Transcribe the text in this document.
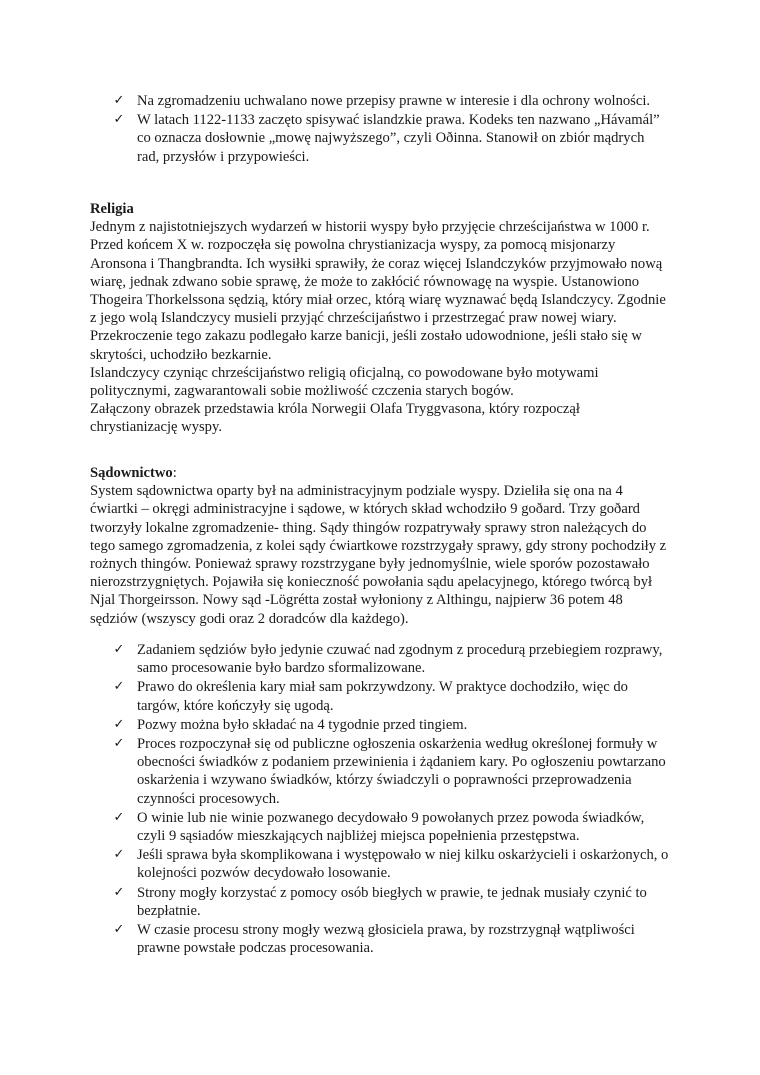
✓ Na zgromadzeniu uchwalano nowe przepisy prawne w interesie i dla ochrony wolności.
✓ W latach 1122-1133 zaczęto spisywać islandzkie prawa. Kodeks ten nazwano „Hávamál” co oznacza dosłownie „mowę najwyższego”, czyli Oðinna. Stanowił on zbiór mądrych rad, przysłów i przypowieści.
Religia

Jednym z najistotniejszych wydarzeń w historii wyspy było przyjęcie chrześcijaństwa w 1000 r. Przed końcem X w. rozpoczęła się powolna chrystianizacja wyspy, za pomocą misjonarzy Aronsona i Thangbrandta. Ich wysiłki sprawiły, że coraz więcej Islandczyków przyjmowało nową wiarę, jednak zdwano sobie sprawę, że może to zakłócić równowagę na wyspie. Ustanowiono Thogeira Thorkelssona sędzią, który miał orzec, którą wiarę wyznawać będą Islandczycy. Zgodnie z jego wolą Islandczycy musieli przyjąć chrześcijaństwo i przestrzegać praw nowej wiary. Przekroczenie tego zakazu podlegało karze banicji, jeśli zostało udowodnione, jeśli stało się w skrytości, uchodziło bezkarnie.

Islandczycy czyniąc chrześcijaństwo religią oficjalną, co powodowane było motywami politycznymi, zagwarantowali sobie możliwość czczenia starych bogów.

Załączony obrazek przedstawia króla Norwegii Olafa Tryggvasona, który rozpoczął chrystianizację wyspy.

Sądownictwo:

System sądownictwa oparty był na administracyjnym podziale wyspy. Dzieliła się ona na 4 ćwiartki – okręgi administracyjne i sądowe, w których skład wchodziło 9 goðard. Trzy goðard tworzyły lokalne zgromadzenie- thing. Sądy thingów rozpatrywały sprawy stron należących do tego samego zgromadzenia, z kolei sądy ćwiartkowe rozstrzygały sprawy, gdy strony pochodziły z rożnych thingów. Ponieważ sprawy rozstrzygane były jednomyślnie, wiele sporów pozostawało nierozstrzygniętych. Pojawiła się konieczność powołania sądu apelacyjnego, którego twórcą był Njal Thorgeirsson. Nowy sąd -Lögrétta został wyłoniony z Althingu, najpierw 36 potem 48 sędziów (wszyscy godi oraz 2 doradców dla każdego).

✓ Zadaniem sędziów było jedynie czuwać nad zgodnym z procedurą przebiegiem rozprawy, samo procesowanie było bardzo sformalizowane.
✓ Prawo do określenia kary miał sam pokrzywdzony. W praktyce dochodziło, więc do targów, które kończyły się ugodą.
✓ Pozwy można było składać na 4 tygodnie przed tingiem.
✓ Proces rozpoczynał się od publiczne ogłoszenia oskarżenia według określonej formuły w obecności świadków z podaniem przewinienia i żądaniem kary. Po ogłoszeniu powtarzano oskarżenia i wzywano świadków, którzy świadczyli o poprawności przeprowadzenia czynności procesowych.
✓ O winie lub nie winie pozwanego decydowało 9 powołanych przez powoda świadków, czyli 9 sąsiadów mieszkających najbliżej miejsca popełnienia przestępstwa.
✓ Jeśli sprawa była skomplikowana i występowało w niej kilku oskarżycieli i oskarżonych, o kolejności pozwów decydowało losowanie.
✓ Strony mogły korzystać z pomocy osób biegłych w prawie, te jednak musiały czynić to bezpłatnie.
✓ W czasie procesu strony mogły wezwą głosiciela prawa, by rozstrzygnął wątpliwości prawne powstałe podczas procesowania.
